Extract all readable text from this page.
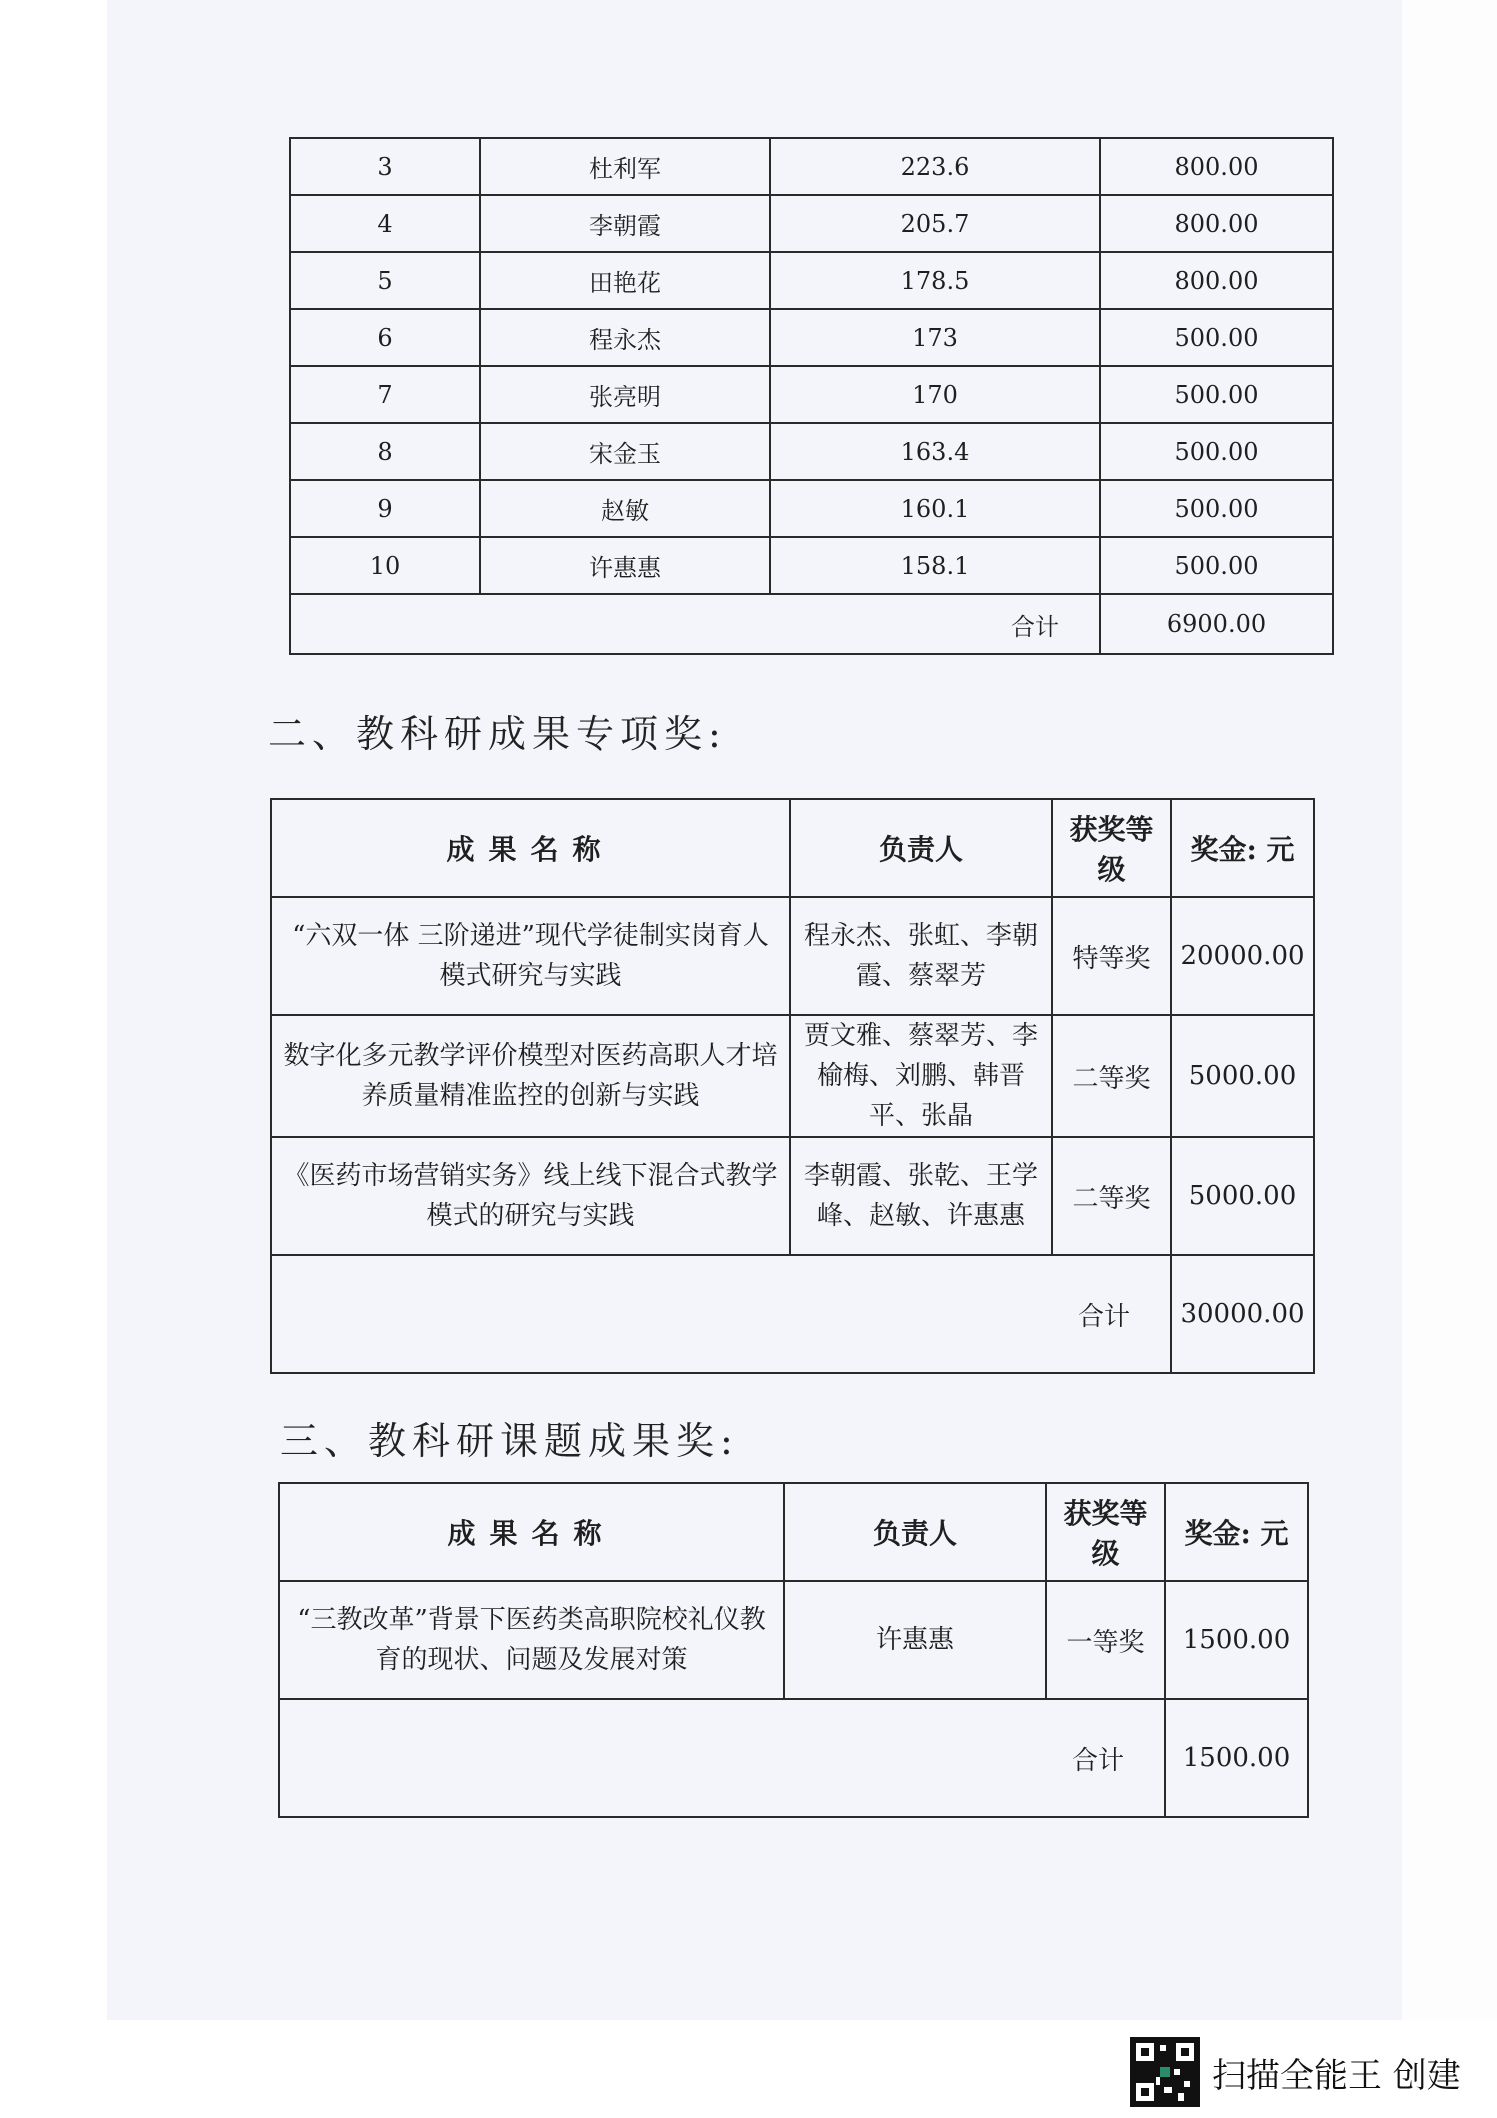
3	杜利军	223.6	800.00
4	李朝霞	205.7	800.00
5	田艳花	178.5	800.00
6	程永杰	173	500.00
7	张亮明	170	500.00
8	宋金玉	163.4	500.00
9	赵敏	160.1	500.00
10	许惠惠	158.1	500.00
合计			6900.00
二、教科研成果专项奖:
成果名称	负责人	获奖等级	奖金: 元
“六双一体 三阶递进”现代学徒制实岗育人模式研究与实践	程永杰、张虹、李朝霞、蔡翠芳	特等奖	20000.00
数字化多元教学评价模型对医药高职人才培养质量精准监控的创新与实践	贾文雅、蔡翠芳、李榆梅、刘鹏、韩晋平、张晶	二等奖	5000.00
《医药市场营销实务》线上线下混合式教学模式的研究与实践	李朝霞、张乾、王学峰、赵敏、许惠惠	二等奖	5000.00
合计			30000.00
三、教科研课题成果奖:
成果名称	负责人	获奖等级	奖金: 元
“三教改革”背景下医药类高职院校礼仪教育的现状、问题及发展对策	许惠惠	一等奖	1500.00
合计			1500.00
扫描全能王 创建
